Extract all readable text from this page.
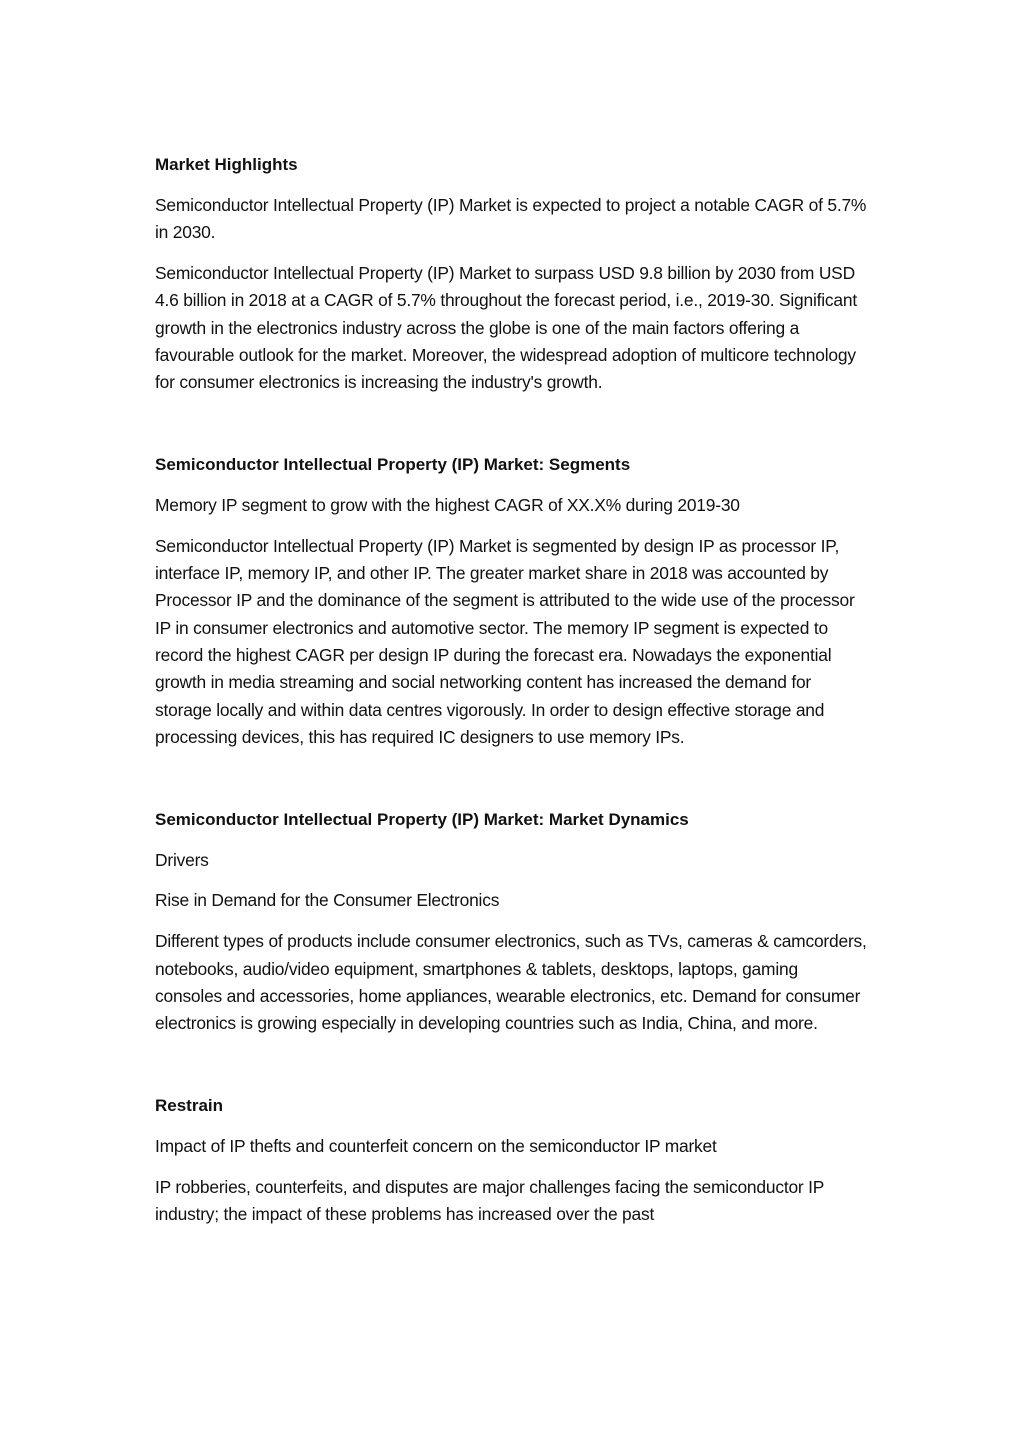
Market Highlights

Semiconductor Intellectual Property (IP) Market is expected to project a notable CAGR of 5.7% in 2030.

Semiconductor Intellectual Property (IP) Market to surpass USD 9.8 billion by 2030 from USD 4.6 billion in 2018 at a CAGR of 5.7% throughout the forecast period, i.e., 2019-30. Significant growth in the electronics industry across the globe is one of the main factors offering a favourable outlook for the market. Moreover, the widespread adoption of multicore technology for consumer electronics is increasing the industry's growth.

Semiconductor Intellectual Property (IP) Market: Segments

Memory IP segment to grow with the highest CAGR of XX.X% during 2019-30

Semiconductor Intellectual Property (IP) Market is segmented by design IP as processor IP, interface IP, memory IP, and other IP. The greater market share in 2018 was accounted by Processor IP and the dominance of the segment is attributed to the wide use of the processor IP in consumer electronics and automotive sector. The memory IP segment is expected to record the highest CAGR per design IP during the forecast era. Nowadays the exponential growth in media streaming and social networking content has increased the demand for storage locally and within data centres vigorously. In order to design effective storage and processing devices, this has required IC designers to use memory IPs.

Semiconductor Intellectual Property (IP) Market: Market Dynamics

Drivers

Rise in Demand for the Consumer Electronics

Different types of products include consumer electronics, such as TVs, cameras & camcorders, notebooks, audio/video equipment, smartphones & tablets, desktops, laptops, gaming consoles and accessories, home appliances, wearable electronics, etc. Demand for consumer electronics is growing especially in developing countries such as India, China, and more.

Restrain

Impact of IP thefts and counterfeit concern on the semiconductor IP market

IP robberies, counterfeits, and disputes are major challenges facing the semiconductor IP industry; the impact of these problems has increased over the past
